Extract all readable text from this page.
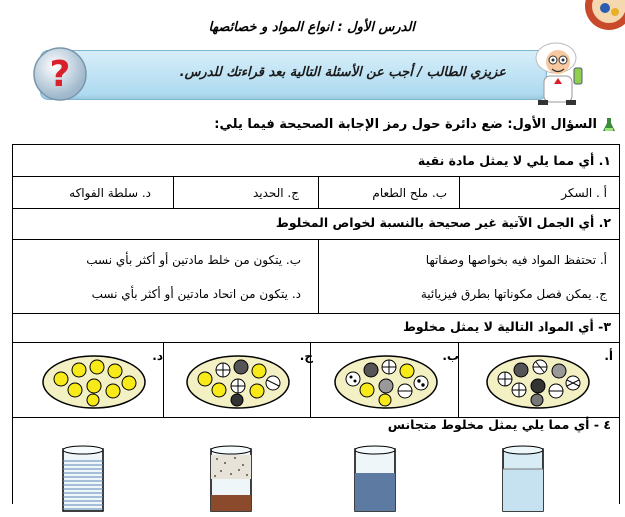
الدرس الأول : انواع المواد و خصائصها
عزيزي الطالب / أجب عن الأسئلة التالية بعد قراءتك للدرس.
?
السؤال الأول: ضع دائرة حول رمز الإجابة الصحيحة فيما يلي:
١. أي مما يلي لا يمثل مادة نقية
أ . السكر
ب. ملح الطعام
ج. الحديد
د. سلطة الفواكه
٢. أي الجمل الآتية غير صحيحة بالنسبة لخواص المخلوط
أ. تحتفظ المواد فيه بخواصها وصفاتها
ب. يتكون من خلط مادتين أو أكثر بأي نسب
ج. يمكن فصل مكوناتها بطرق فيزيائية
د. يتكون من اتحاد مادتين أو أكثر بأي نسب
٣- أي المواد التالية لا يمثل مخلوط
أ.
ب.
ج.
د.
٤ - أي مما يلي يمثل مخلوط متجانس
